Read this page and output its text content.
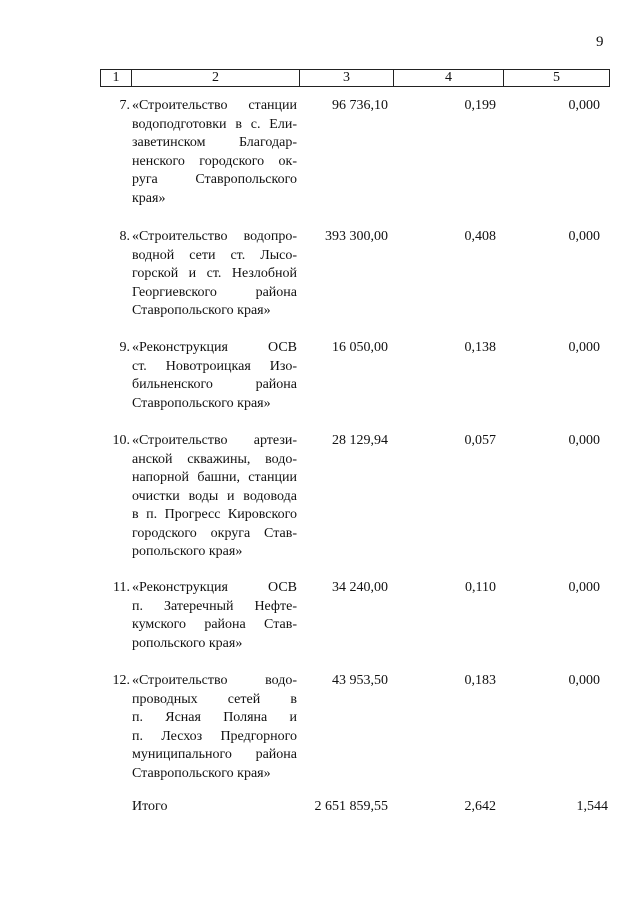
9
1	2	3	4	5
7. «Строительство станции
водоподготовки в с. Ели-
заветинском Благодар-
ненского городского ок-
руга Ставропольского
края»
96 736,10	0,199	0,000
8. «Строительство водопро-
водной сети ст. Лысо-
горской и ст. Незлобной
Георгиевского района
Ставропольского края»
393 300,00	0,408	0,000
9. «Реконструкция ОСВ
ст. Новотроицкая Изо-
бильненского района
Ставропольского края»
16 050,00	0,138	0,000
10. «Строительство артези-
анской скважины, водо-
напорной башни, станции
очистки воды и водовода
в п. Прогресс Кировского
городского округа Став-
ропольского края»
28 129,94	0,057	0,000
11. «Реконструкция ОСВ
п. Затеречный Нефте-
кумского района Став-
ропольского края»
34 240,00	0,110	0,000
12. «Строительство водо-
проводных сетей в
п. Ясная Поляна и
п. Лесхоз Предгорного
муниципального района
Ставропольского края»
43 953,50	0,183	0,000
Итого	2 651 859,55	2,642	1,544
